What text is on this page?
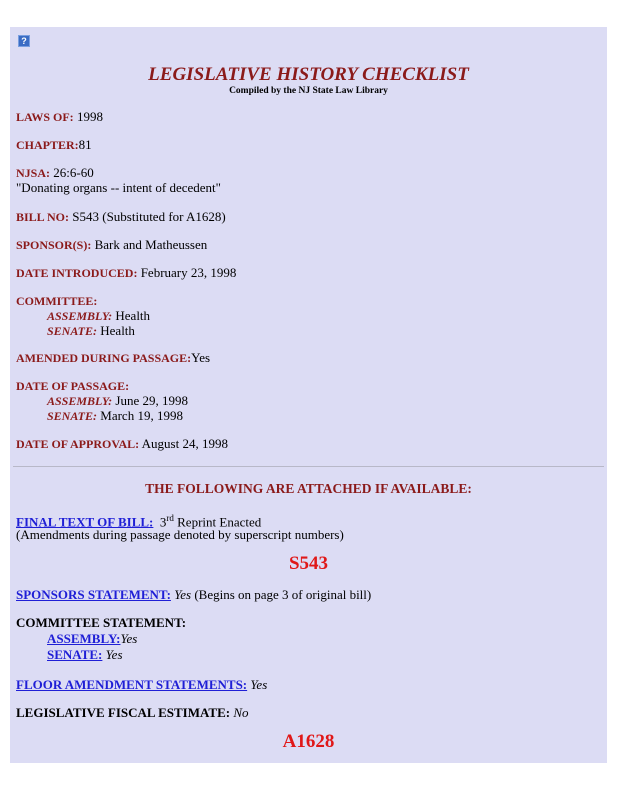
?
LEGISLATIVE HISTORY CHECKLIST
Compiled by the NJ State Law Library
LAWS OF: 1998
CHAPTER:81
NJSA: 26:6-60
"Donating organs -- intent of decedent"
BILL NO: S543 (Substituted for A1628)
SPONSOR(S): Bark and Matheussen
DATE INTRODUCED: February 23, 1998
COMMITTEE:
ASSEMBLY: Health
SENATE: Health
AMENDED DURING PASSAGE:Yes
DATE OF PASSAGE:
ASSEMBLY: June 29, 1998
SENATE: March 19, 1998
DATE OF APPROVAL: August 24, 1998
THE FOLLOWING ARE ATTACHED IF AVAILABLE:
FINAL TEXT OF BILL: 3rd Reprint Enacted
(Amendments during passage denoted by superscript numbers)
S543
SPONSORS STATEMENT: Yes (Begins on page 3 of original bill)
COMMITTEE STATEMENT:
ASSEMBLY:Yes
SENATE: Yes
FLOOR AMENDMENT STATEMENTS: Yes
LEGISLATIVE FISCAL ESTIMATE: No
A1628
